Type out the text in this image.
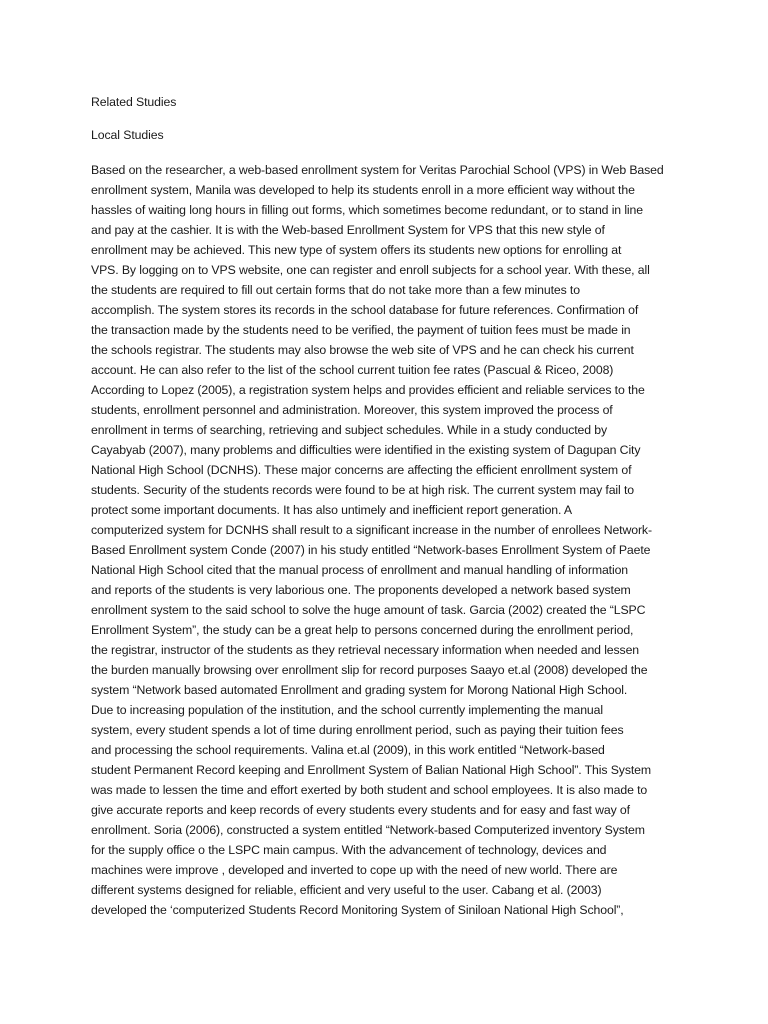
Related Studies
Local Studies
Based on the researcher, a web-based enrollment system for Veritas Parochial School (VPS) in Web Based
enrollment system, Manila was developed to help its students enroll in a more efficient way without the
hassles of waiting long hours in filling out forms, which sometimes become redundant, or to stand in line
and pay at the cashier. It is with the Web-based Enrollment System for VPS that this new style of
enrollment may be achieved. This new type of system offers its students new options for enrolling at
VPS. By logging on to VPS website, one can register and enroll subjects for a school year. With these, all
the students are required to fill out certain forms that do not take more than a few minutes to
accomplish. The system stores its records in the school database for future references. Confirmation of
the transaction made by the students need to be verified, the payment of tuition fees must be made in
the schools registrar. The students may also browse the web site of VPS and he can check his current
account. He can also refer to the list of the school current tuition fee rates (Pascual & Riceo, 2008)
According to Lopez (2005), a registration system helps and provides efficient and reliable services to the
students, enrollment personnel and administration. Moreover, this system improved the process of
enrollment in terms of searching, retrieving and subject schedules. While in a study conducted by
Cayabyab (2007), many problems and difficulties were identified in the existing system of Dagupan City
National High School (DCNHS). These major concerns are affecting the efficient enrollment system of
students. Security of the students records were found to be at high risk. The current system may fail to
protect some important documents. It has also untimely and inefficient report generation. A
computerized system for DCNHS shall result to a significant increase in the number of enrollees Network-
Based Enrollment system Conde (2007) in his study entitled “Network-bases Enrollment System of Paete
National High School cited that the manual process of enrollment and manual handling of information
and reports of the students is very laborious one. The proponents developed a network based system
enrollment system to the said school to solve the huge amount of task. Garcia (2002) created the “LSPC
Enrollment System”, the study can be a great help to persons concerned during the enrollment period,
the registrar, instructor of the students as they retrieval necessary information when needed and lessen
the burden manually browsing over enrollment slip for record purposes Saayo et.al (2008) developed the
system “Network based automated Enrollment and grading system for Morong National High School.
Due to increasing population of the institution, and the school currently implementing the manual
system, every student spends a lot of time during enrollment period, such as paying their tuition fees
and processing the school requirements. Valina et.al (2009), in this work entitled “Network-based
student Permanent Record keeping and Enrollment System of Balian National High School”. This System
was made to lessen the time and effort exerted by both student and school employees. It is also made to
give accurate reports and keep records of every students every students and for easy and fast way of
enrollment. Soria (2006), constructed a system entitled “Network-based Computerized inventory System
for the supply office o the LSPC main campus. With the advancement of technology, devices and
machines were improve , developed and inverted to cope up with the need of new world. There are
different systems designed for reliable, efficient and very useful to the user. Cabang et al. (2003)
developed the ‘computerized Students Record Monitoring System of Siniloan National High School”,
